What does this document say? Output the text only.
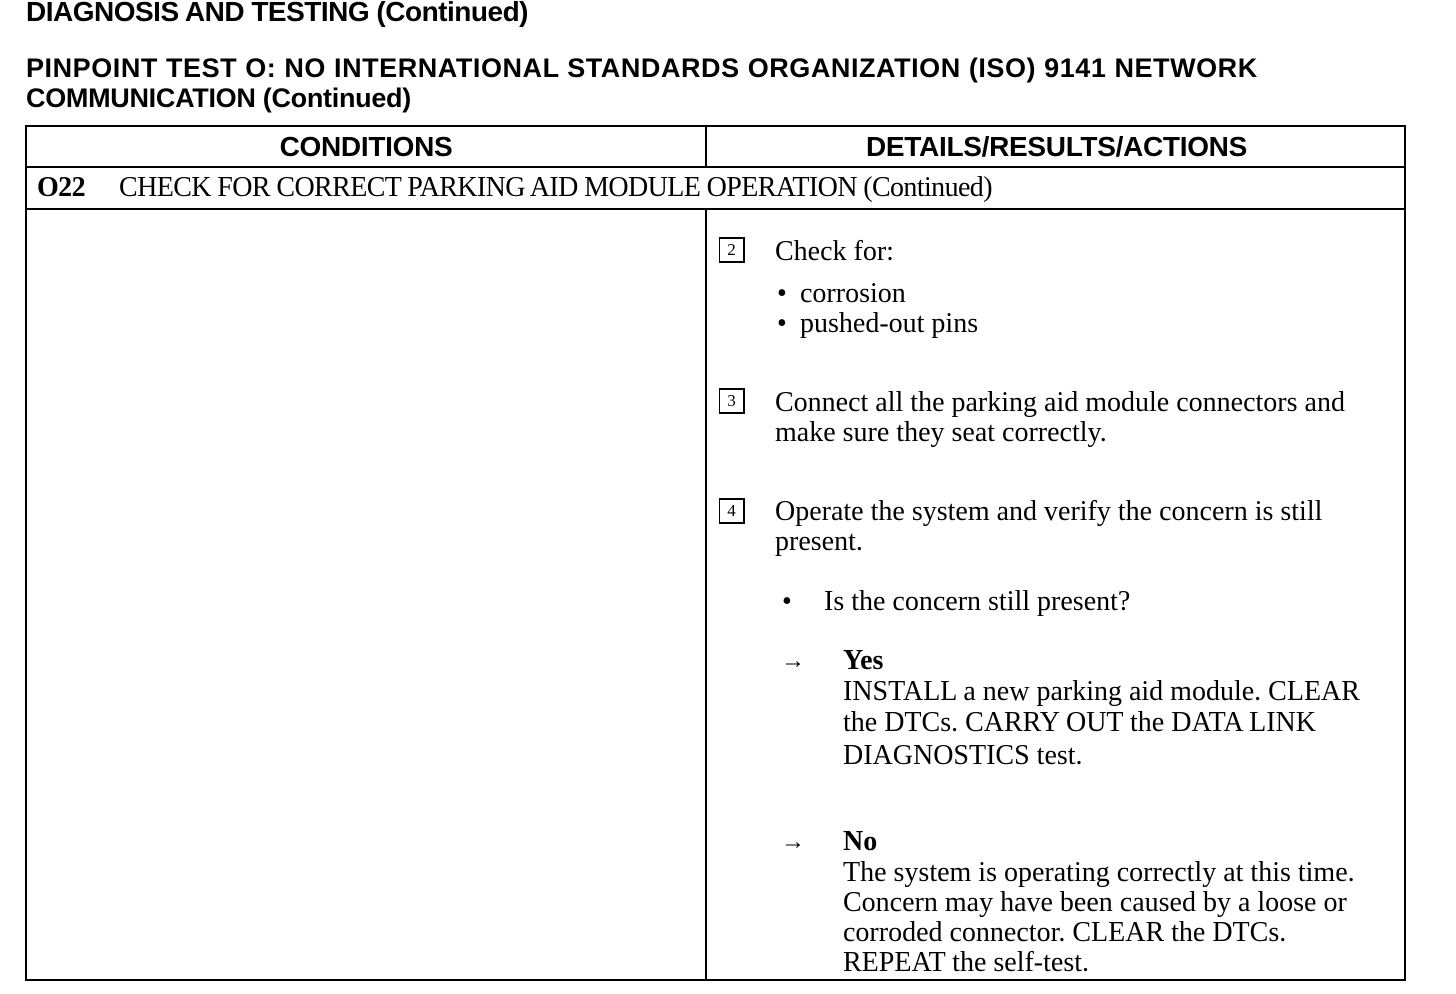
DIAGNOSIS AND TESTING (Continued)
PINPOINT TEST O: NO INTERNATIONAL STANDARDS ORGANIZATION (ISO) 9141 NETWORK
COMMUNICATION (Continued)
CONDITIONS	DETAILS/RESULTS/ACTIONS
O22 CHECK FOR CORRECT PARKING AID MODULE OPERATION (Continued)
2	Check for:
• corrosion
• pushed-out pins
3	Connect all the parking aid module connectors and
make sure they seat correctly.
4	Operate the system and verify the concern is still
present.
• Is the concern still present?
→ Yes
INSTALL a new parking aid module. CLEAR
the DTCs. CARRY OUT the DATA LINK
DIAGNOSTICS test.
→ No
The system is operating correctly at this time.
Concern may have been caused by a loose or
corroded connector. CLEAR the DTCs.
REPEAT the self-test.
